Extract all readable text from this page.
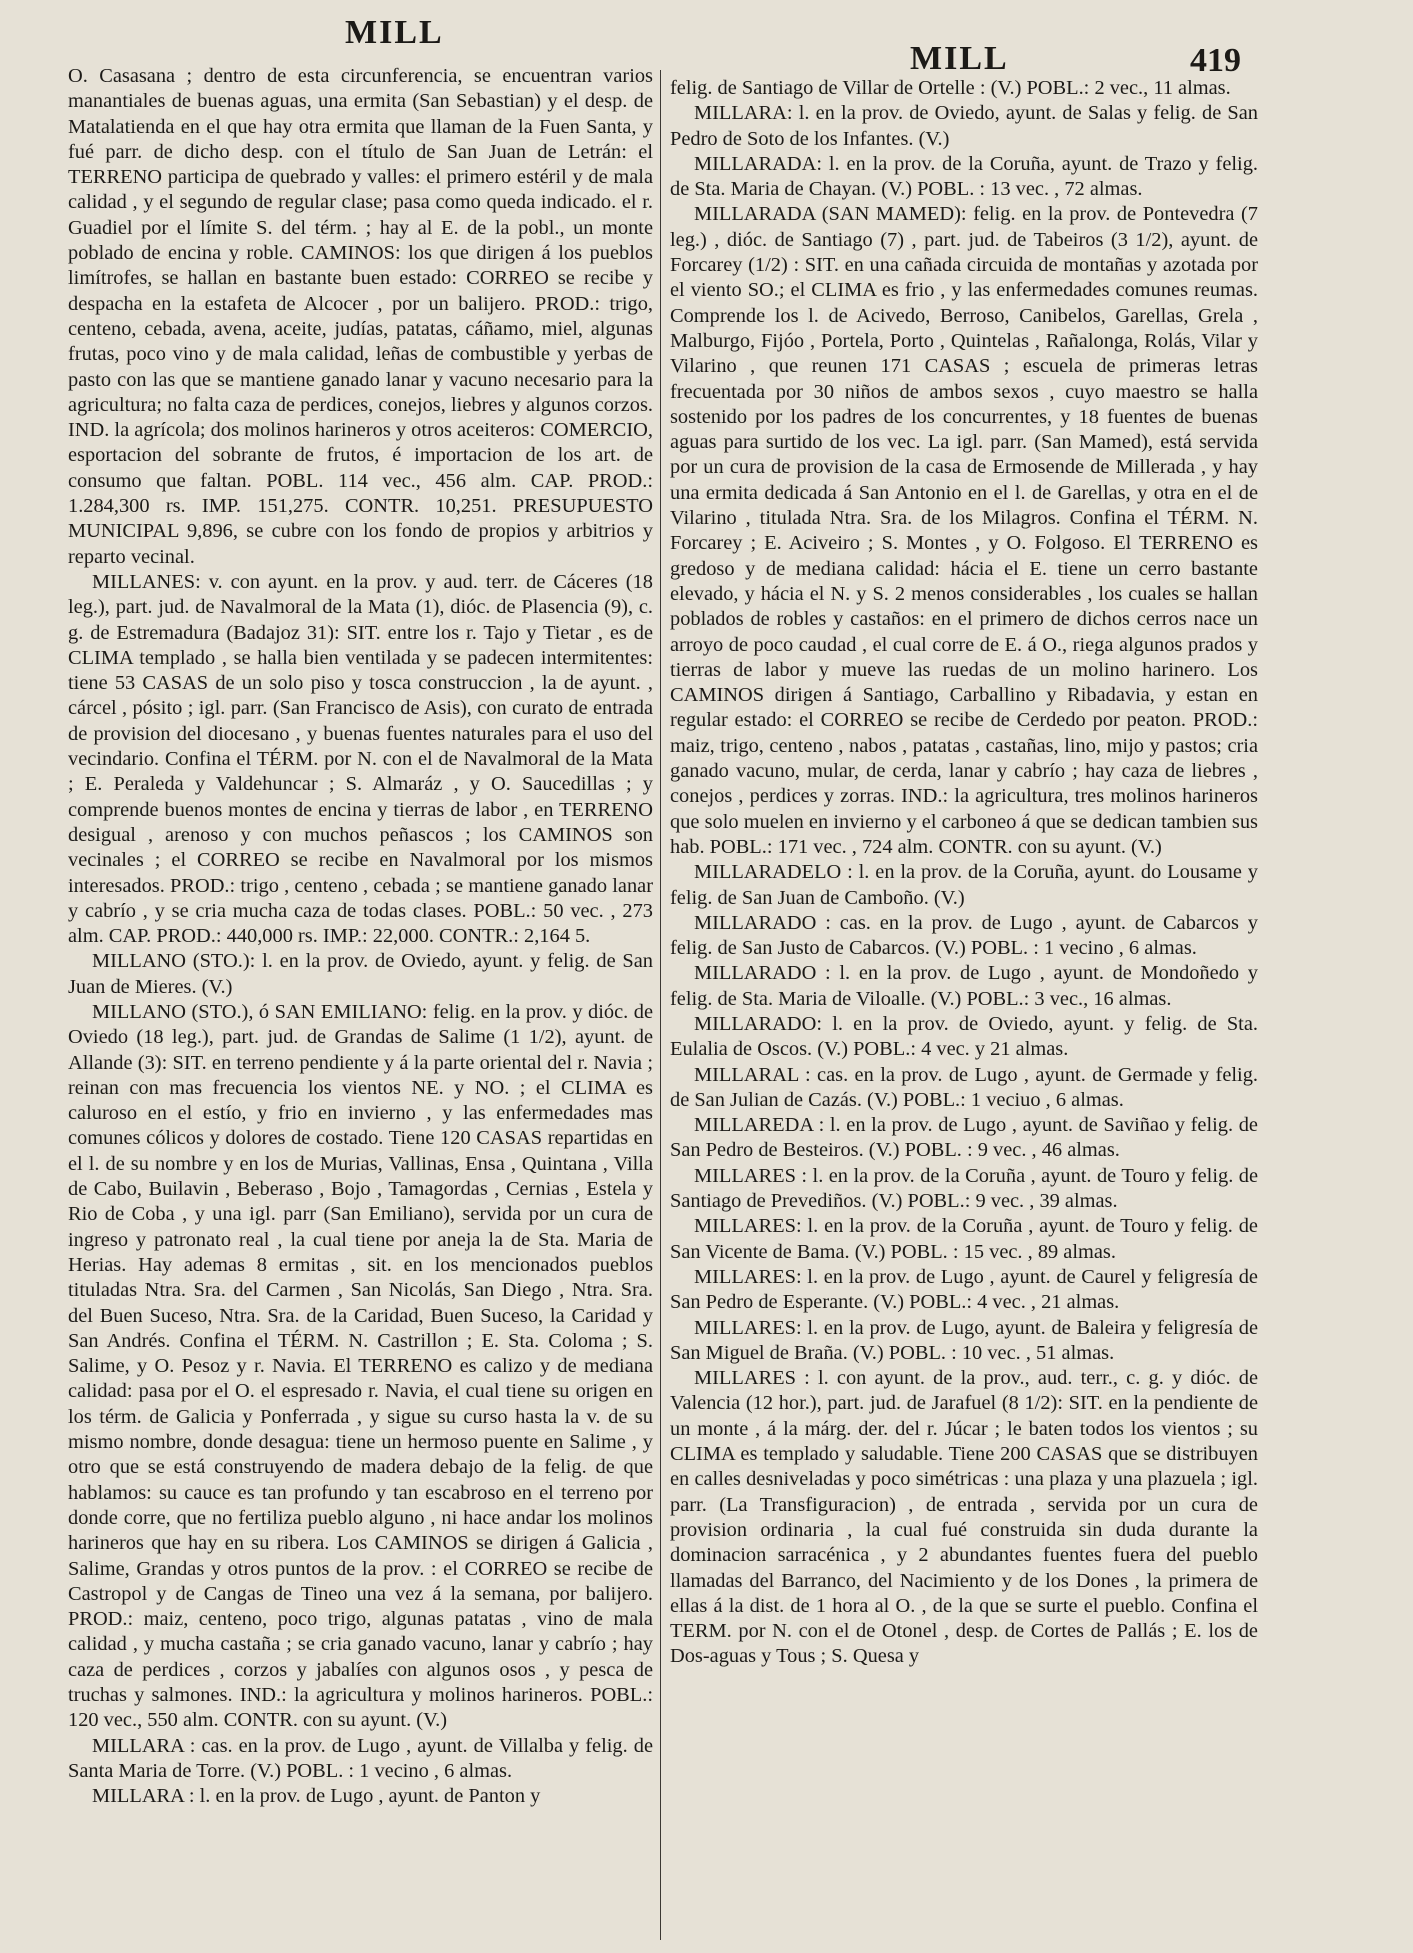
MILL
MILL	419

O. Casasana ; dentro de esta circunferencia, se encuentran varios manantiales de buenas aguas, una ermita (San Sebastian) y el desp. de Matalatienda en el que hay otra ermita que llaman de la Fuen Santa, y fué parr. de dicho desp. con el título de San Juan de Letrán: el TERRENO participa de quebrado y valles: el primero estéril y de mala calidad , y el segundo de regular clase; pasa como queda indicado. el r. Guadiel por el límite S. del térm. ; hay al E. de la pobl., un monte poblado de encina y roble. CAMINOS: los que dirigen á los pueblos limítrofes, se hallan en bastante buen estado: CORREO se recibe y despacha en la estafeta de Alcocer , por un balijero. PROD.: trigo, centeno, cebada, avena, aceite, judías, patatas, cáñamo, miel, algunas frutas, poco vino y de mala calidad, leñas de combustible y yerbas de pasto con las que se mantiene ganado lanar y vacuno necesario para la agricultura; no falta caza de perdices, conejos, liebres y algunos corzos. IND. la agrícola; dos molinos harineros y otros aceiteros: COMERCIO, esportacion del sobrante de frutos, é importacion de los art. de consumo que faltan. POBL. 114 vec., 456 alm. CAP. PROD.: 1.284,300 rs. IMP. 151,275. CONTR. 10,251. PRESUPUESTO MUNICIPAL 9,896, se cubre con los fondo de propios y arbitrios y reparto vecinal.

MILLANES: v. con ayunt. en la prov. y aud. terr. de Cáceres (18 leg.), part. jud. de Navalmoral de la Mata (1), dióc. de Plasencia (9), c. g. de Estremadura (Badajoz 31): SIT. entre los r. Tajo y Tietar , es de CLIMA templado , se halla bien ventilada y se padecen intermitentes: tiene 53 CASAS de un solo piso y tosca construccion , la de ayunt. , cárcel , pósito ; igl. parr. (San Francisco de Asis), con curato de entrada de provision del diocesano , y buenas fuentes naturales para el uso del vecindario. Confina el TÉRM. por N. con el de Navalmoral de la Mata ; E. Peraleda y Valdehuncar ; S. Almaráz , y O. Saucedillas ; y comprende buenos montes de encina y tierras de labor , en TERRENO desigual , arenoso y con muchos peñascos ; los CAMINOS son vecinales ; el CORREO se recibe en Navalmoral por los mismos interesados. PROD.: trigo , centeno , cebada ; se mantiene ganado lanar y cabrío , y se cria mucha caza de todas clases. POBL.: 50 vec. , 273 alm. CAP. PROD.: 440,000 rs. IMP.: 22,000. CONTR.: 2,164 5.

MILLANO (STO.): l. en la prov. de Oviedo, ayunt. y felig. de San Juan de Mieres. (V.)

MILLANO (STO.), ó SAN EMILIANO: felig. en la prov. y dióc. de Oviedo (18 leg.), part. jud. de Grandas de Salime (1 1/2), ayunt. de Allande (3): SIT. en terreno pendiente y á la parte oriental del r. Navia ; reinan con mas frecuencia los vientos NE. y NO. ; el CLIMA es caluroso en el estío, y frio en invierno , y las enfermedades mas comunes cólicos y dolores de costado. Tiene 120 CASAS repartidas en el l. de su nombre y en los de Murias, Vallinas, Ensa , Quintana , Villa de Cabo, Builavin , Beberaso , Bojo , Tamagordas , Cernias , Estela y Rio de Coba , y una igl. parr (San Emiliano), servida por un cura de ingreso y patronato real , la cual tiene por aneja la de Sta. Maria de Herias. Hay ademas 8 ermitas , sit. en los mencionados pueblos tituladas Ntra. Sra. del Carmen , San Nicolás, San Diego , Ntra. Sra. del Buen Suceso, Ntra. Sra. de la Caridad, Buen Suceso, la Caridad y San Andrés. Confina el TÉRM. N. Castrillon ; E. Sta. Coloma ; S. Salime, y O. Pesoz y r. Navia. El TERRENO es calizo y de mediana calidad: pasa por el O. el espresado r. Navia, el cual tiene su origen en los térm. de Galicia y Ponferrada , y sigue su curso hasta la v. de su mismo nombre, donde desagua: tiene un hermoso puente en Salime , y otro que se está construyendo de madera debajo de la felig. de que hablamos: su cauce es tan profundo y tan escabroso en el terreno por donde corre, que no fertiliza pueblo alguno , ni hace andar los molinos harineros que hay en su ribera. Los CAMINOS se dirigen á Galicia , Salime, Grandas y otros puntos de la prov. : el CORREO se recibe de Castropol y de Cangas de Tineo una vez á la semana, por balijero. PROD.: maiz, centeno, poco trigo, algunas patatas , vino de mala calidad , y mucha castaña ; se cria ganado vacuno, lanar y cabrío ; hay caza de perdices , corzos y jabalíes con algunos osos , y pesca de truchas y salmones. IND.: la agricultura y molinos harineros. POBL.: 120 vec., 550 alm. CONTR. con su ayunt. (V.)

MILLARA : cas. en la prov. de Lugo , ayunt. de Villalba y felig. de Santa Maria de Torre. (V.) POBL. : 1 vecino , 6 almas.

MILLARA : l. en la prov. de Lugo , ayunt. de Panton y

felig. de Santiago de Villar de Ortelle : (V.) POBL.: 2 vec., 11 almas.

MILLARA: l. en la prov. de Oviedo, ayunt. de Salas y felig. de San Pedro de Soto de los Infantes. (V.)

MILLARADA: l. en la prov. de la Coruña, ayunt. de Trazo y felig. de Sta. Maria de Chayan. (V.) POBL. : 13 vec. , 72 almas.

MILLARADA (SAN MAMED): felig. en la prov. de Pontevedra (7 leg.) , dióc. de Santiago (7) , part. jud. de Tabeiros (3 1/2), ayunt. de Forcarey (1/2) : SIT. en una cañada circuida de montañas y azotada por el viento SO.; el CLIMA es frio , y las enfermedades comunes reumas. Comprende los l. de Acivedo, Berroso, Canibelos, Garellas, Grela , Malburgo, Fijóo , Portela, Porto , Quintelas , Rañalonga, Rolás, Vilar y Vilarino , que reunen 171 CASAS ; escuela de primeras letras frecuentada por 30 niños de ambos sexos , cuyo maestro se halla sostenido por los padres de los concurrentes, y 18 fuentes de buenas aguas para surtido de los vec. La igl. parr. (San Mamed), está servida por un cura de provision de la casa de Ermosende de Millerada , y hay una ermita dedicada á San Antonio en el l. de Garellas, y otra en el de Vilarino , titulada Ntra. Sra. de los Milagros. Confina el TÉRM. N. Forcarey ; E. Aciveiro ; S. Montes , y O. Folgoso. El TERRENO es gredoso y de mediana calidad: hácia el E. tiene un cerro bastante elevado, y hácia el N. y S. 2 menos considerables , los cuales se hallan poblados de robles y castaños: en el primero de dichos cerros nace un arroyo de poco caudad , el cual corre de E. á O., riega algunos prados y tierras de labor y mueve las ruedas de un molino harinero. Los CAMINOS dirigen á Santiago, Carballino y Ribadavia, y estan en regular estado: el CORREO se recibe de Cerdedo por peaton. PROD.: maiz, trigo, centeno , nabos , patatas , castañas, lino, mijo y pastos; cria ganado vacuno, mular, de cerda, lanar y cabrío ; hay caza de liebres , conejos , perdices y zorras. IND.: la agricultura, tres molinos harineros que solo muelen en invierno y el carboneo á que se dedican tambien sus hab. POBL.: 171 vec. , 724 alm. CONTR. con su ayunt. (V.)

MILLARADELO : l. en la prov. de la Coruña, ayunt. do Lousame y felig. de San Juan de Camboño. (V.)

MILLARADO : cas. en la prov. de Lugo , ayunt. de Cabarcos y felig. de San Justo de Cabarcos. (V.) POBL. : 1 vecino , 6 almas.

MILLARADO : l. en la prov. de Lugo , ayunt. de Mondoñedo y felig. de Sta. Maria de Viloalle. (V.) POBL.: 3 vec., 16 almas.

MILLARADO: l. en la prov. de Oviedo, ayunt. y felig. de Sta. Eulalia de Oscos. (V.) POBL.: 4 vec. y 21 almas.

MILLARAL : cas. en la prov. de Lugo , ayunt. de Germade y felig. de San Julian de Cazás. (V.) POBL.: 1 veciuo , 6 almas.

MILLAREDA : l. en la prov. de Lugo , ayunt. de Saviñao y felig. de San Pedro de Besteiros. (V.) POBL. : 9 vec. , 46 almas.

MILLARES : l. en la prov. de la Coruña , ayunt. de Touro y felig. de Santiago de Prevediños. (V.) POBL.: 9 vec. , 39 almas.

MILLARES: l. en la prov. de la Coruña , ayunt. de Touro y felig. de San Vicente de Bama. (V.) POBL. : 15 vec. , 89 almas.

MILLARES: l. en la prov. de Lugo , ayunt. de Caurel y feligresía de San Pedro de Esperante. (V.) POBL.: 4 vec. , 21 almas.

MILLARES: l. en la prov. de Lugo, ayunt. de Baleira y feligresía de San Miguel de Braña. (V.) POBL. : 10 vec. , 51 almas.

MILLARES : l. con ayunt. de la prov., aud. terr., c. g. y dióc. de Valencia (12 hor.), part. jud. de Jarafuel (8 1/2): SIT. en la pendiente de un monte , á la márg. der. del r. Júcar ; le baten todos los vientos ; su CLIMA es templado y saludable. Tiene 200 CASAS que se distribuyen en calles desniveladas y poco simétricas : una plaza y una plazuela ; igl. parr. (La Transfiguracion) , de entrada , servida por un cura de provision ordinaria , la cual fué construida sin duda durante la dominacion sarracénica , y 2 abundantes fuentes fuera del pueblo llamadas del Barranco, del Nacimiento y de los Dones , la primera de ellas á la dist. de 1 hora al O. , de la que se surte el pueblo. Confina el TERM. por N. con el de Otonel , desp. de Cortes de Pallás ; E. los de Dos-aguas y Tous ; S. Quesa y
